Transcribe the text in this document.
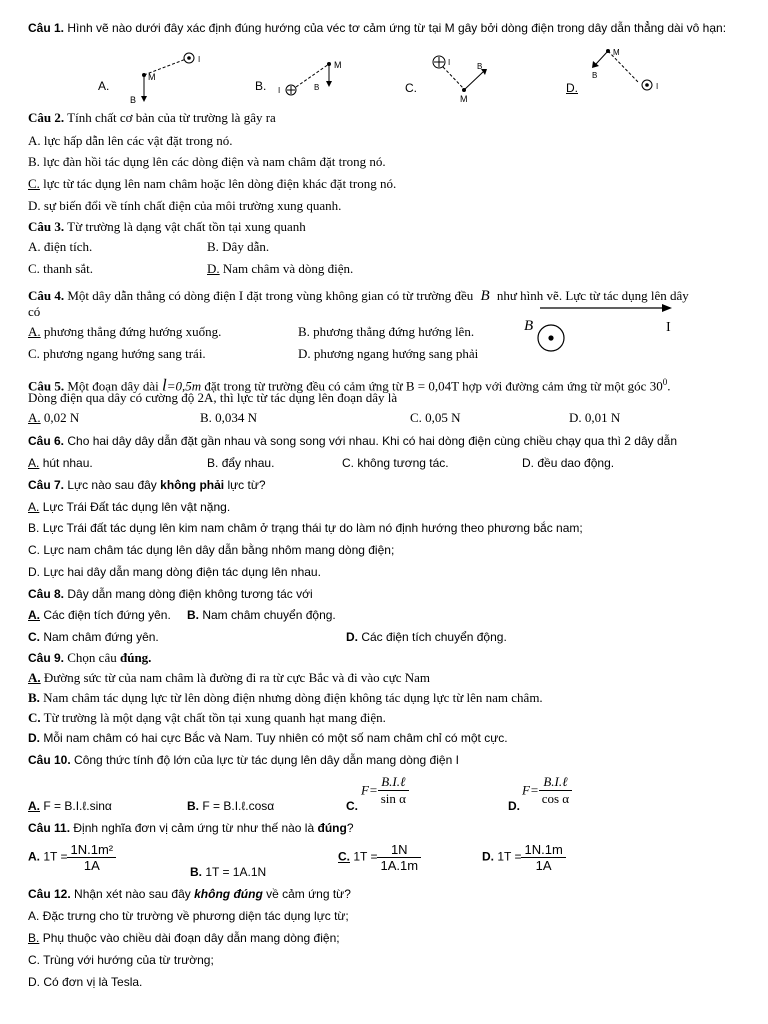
Câu 1. Hình vẽ nào dưới đây xác định đúng hướng của véc tơ cảm ứng từ tại M gây bởi dòng điện trong dây dẫn thẳng dài vô hạn:
A.	B.	C.	D.
I
M
B
I
M
B
I
M
B
M
I
B
Câu 2. Tính chất cơ bản của từ trường là gây ra
A. lực hấp dẫn lên các vật đặt trong nó.
B. lực đàn hồi tác dụng lên các dòng điện và nam châm đặt trong nó.
C. lực từ tác dụng lên nam châm hoặc lên dòng điện khác đặt trong nó.
D. sự biến đổi về tính chất điện của môi trường xung quanh.
Câu 3. Từ trường là dạng vật chất tồn tại xung quanh
A. điện tích.	B. Dây dẫn.
C. thanh sắt.	D. Nam châm và dòng điện.
Câu 4. Một dây dẫn thẳng có dòng điện I đặt trong vùng không gian có từ trường đều B như hình vẽ. Lực từ tác dụng lên dây
có
A. phương thẳng đứng hướng xuống.	B. phương thẳng đứng hướng lên.
C. phương ngang hướng sang trái.	D. phương ngang hướng sang phải
B	I
Câu 5. Một đoạn dây dài l=0,5m đặt trong từ trường đều có cảm ứng từ B = 0,04T hợp với đường cảm ứng từ một góc $30^0$.
Dòng điện qua dây có cường độ 2A, thì lực từ tác dụng lên đoạn dây là
A. 0,02 N	B. 0,034 N	C. 0,05 N	D. 0,01 N
Câu 6. Cho hai dây dây dẫn đặt gần nhau và song song với nhau. Khi có hai dòng điện cùng chiều chạy qua thì 2 dây dẫn
A. hút nhau.	B. đẩy nhau.	C. không tương tác.	D. đều dao động.
Câu 7. Lực nào sau đây không phải lực từ?
A. Lực Trái Đất tác dụng lên vật nặng.
B. Lực Trái đất tác dụng lên kim nam châm ở trạng thái tự do làm nó định hướng theo phương bắc nam;
C. Lực nam châm tác dụng lên dây dẫn bằng nhôm mang dòng điện;
D. Lực hai dây dẫn mang dòng điện tác dụng lên nhau.
Câu 8. Dây dẫn mang dòng điện không tương tác với
A. Các điện tích đứng yên. B. Nam châm chuyển động.
C. Nam châm đứng yên.	D. Các điện tích chuyển động.
Câu 9. Chọn câu đúng.
A. Đường sức từ của nam châm là đường đi ra từ cực Bắc và đi vào cực Nam
B. Nam châm tác dụng lực từ lên dòng điện nhưng dòng điện không tác dụng lực từ lên nam châm.
C. Từ trường là một dạng vật chất tồn tại xung quanh hạt mang điện.
D. Mỗi nam châm có hai cực Bắc và Nam. Tuy nhiên có một số nam châm chỉ có một cực.
Câu 10. Công thức tính độ lớn của lực từ tác dụng lên dây dẫn mang dòng điện I
A. F = B.I.ℓ.sinα	B. F = B.I.ℓ.cosα	C.
$F= \frac{\text{B.I.ℓ}}{\text{sin α}}$	D.
$F= \frac{\text{B.I.ℓ}}{\text{cos α}}$
Câu 11. Định nghĩa đơn vị cảm ứng từ như thế nào là đúng?
A. $1T = \frac{\text{1N.1m²}}{1A}$	B. 1T = 1A.1N
C. $1T = \frac{1N}{1A.1m}$	D. $1T = \frac{1N.1m}{1A}$
Câu 12. Nhận xét nào sau đây không đúng về cảm ứng từ?
A. Đặc trưng cho từ trường về phương diện tác dụng lực từ;
B. Phụ thuộc vào chiều dài đoạn dây dẫn mang dòng điện;
C. Trùng với hướng của từ trường;
D. Có đơn vị là Tesla.
